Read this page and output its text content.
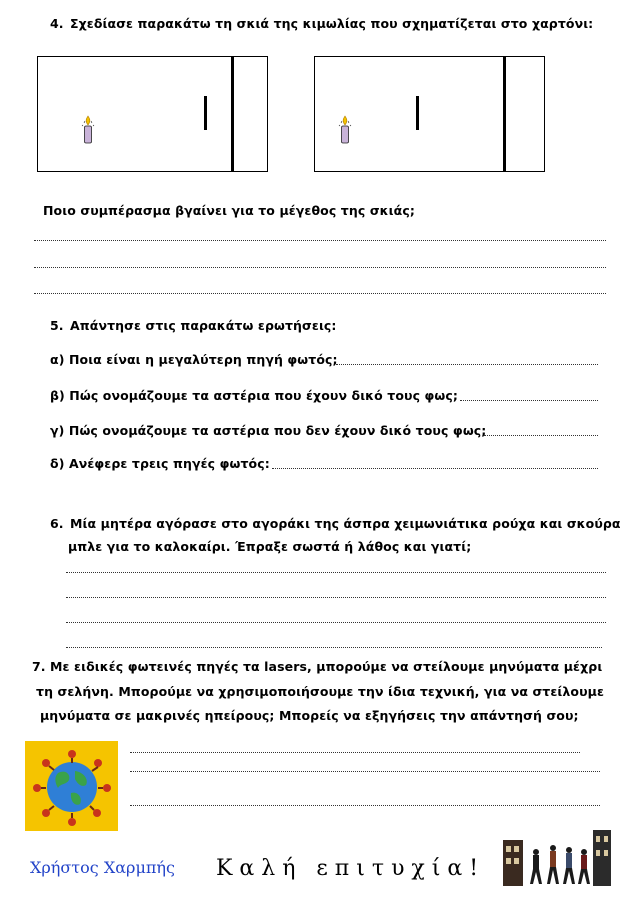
4. Σχεδίασε παρακάτω τη σκιά της κιμωλίας που σχηματίζεται στο χαρτόνι:
Ποιο συμπέρασμα βγαίνει για το μέγεθος της σκιάς;
5. Απάντησε στις παρακάτω ερωτήσεις:
α) Ποια είναι η μεγαλύτερη πηγή φωτός;
β) Πώς ονομάζουμε τα αστέρια που έχουν δικό τους φως;
γ) Πώς ονομάζουμε τα αστέρια που δεν έχουν δικό τους φως;
δ) Ανέφερε τρεις πηγές φωτός:
6. Μία μητέρα αγόρασε στο αγοράκι της άσπρα χειμωνιάτικα ρούχα και σκούρα
μπλε για το καλοκαίρι. Έπραξε σωστά ή λάθος και γιατί;
7. Με ειδικές φωτεινές πηγές τα lasers, μπορούμε να στείλουμε μηνύματα μέχρι
τη σελήνη. Μπορούμε να χρησιμοποιήσουμε την ίδια τεχνική, για να στείλουμε
μηνύματα σε μακρινές ηπείρους; Μπορείς να εξηγήσεις την απάντησή σου;
Χρήστος Χαρμπής Καλή επιτυχία!
